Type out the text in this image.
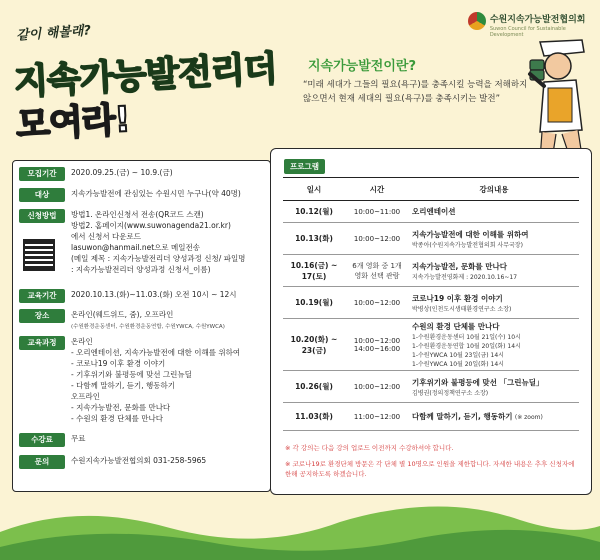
수원지속가능발전협의회
Suwon Council for Sustainable Development
같이 해볼래?
지속가능발전리더
모여라!
지속가능발전이란?
“미래 세대가 그들의 필요(욕구)를 충족시킬 능력을 저해하지 않으면서 현재 세대의 필요(욕구)를 충족시키는 발전”
모집기간	2020.09.25.(금) ~ 10.9.(금)
대상	지속가능발전에 관심있는 수원시민 누구나(약 40명)
신청방법	방법1. 온라인신청서 전송(QR코드 스캔)
방법2. 홈페이지(www.suwonagenda21.or.kr)
에서 신청서 다운로드
lasuwon@hanmail.net으로 메일전송
(메일 제목 : 지속가능발전리더 양성과정 신청/ 파일명
: 지속가능발전리더 양성과정 신청서_이름)
교육기간	2020.10.13.(화)~11.03.(화) 오전 10시 ~ 12시
장소	온라인(웨드위드, 줌), 오프라인
(수원환경운동센터, 수원환경운동연합, 수원YWCA, 수원YWCA)
교육과정	온라인
- 오리엔테이션, 지속가능발전에 대한 이해를 위하여
- 코로나19 이후 환경 이야기
- 기후위기와 불평등에 맞선 그린뉴딜
- 다함께 말하기, 듣기, 행동하기
오프라인
- 지속가능발전, 문화를 만나다
- 수원의 환경 단체를 만나다
수강료	무료
문의	수원지속가능발전협의회 031-258-5965
프로그램
일시	시간	강의내용
10.12(월)	10:00~11:00	오리엔테이션
10.13(화)	10:00~12:00	지속가능발전에 대한 이해를 위하여
박종아(수원지속가능발전협의회 사무국장)
10.16(금) ~ 17(토)	6개 영화 중 1개 영화 선택 관람	지속가능발전, 문화를 만나다
지속가능발전영화제 : 2020.10.16~17
10.19(월)	10:00~12:00	코로나19 이후 환경 이야기
박병상(인천도시생태환경연구소 소장)
10.20(화) ~ 23(금)	10:00~12:00
14:00~16:00	수원의 환경 단체를 만나다
1-수원환경운동센터 10월 21일(수) 10시
1-수원환경운동연합 10월 20일(화) 14시
1-수원YWCA 10월 23일(금) 14시
1-수원YWCA 10월 20일(화) 14시
10.26(월)	10:00~12:00	기후위기와 불평등에 맞선 「그린뉴딜」
김병권(정의정책연구소 소장)
11.03(화)	11:00~12:00	다함께 말하기, 듣기, 행동하기 (※ zoom)
※ 각 강의는 다음 강의 업로드 이전까지 수강하셔야 합니다.
※ 코로나19로 환경단체 방문은 각 단체 별 10명으로 인원을 제한합니다. 자세한 내용은 추후 신청자에 한해 공지하도록 하겠습니다.
